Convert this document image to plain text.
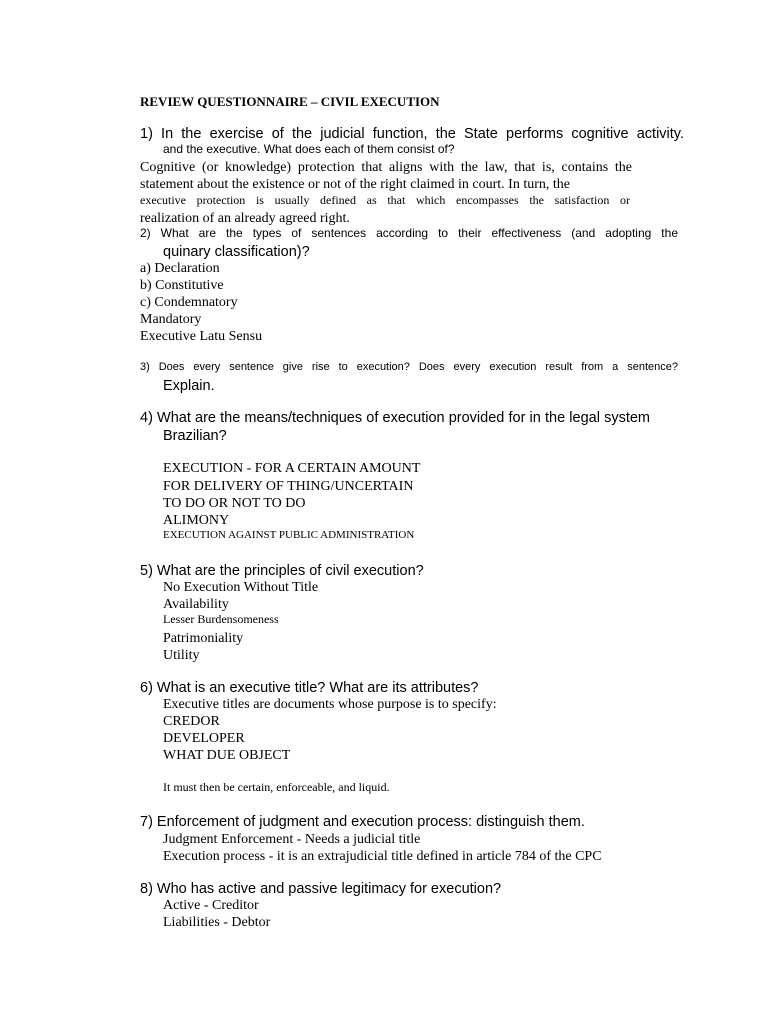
REVIEW QUESTIONNAIRE – CIVIL EXECUTION

1) In the exercise of the judicial function, the State performs cognitive activity.

and the executive. What does each of them consist of?

Cognitive (or knowledge) protection that aligns with the law, that is, contains the

statement about the existence or not of the right claimed in court. In turn, the

executive protection is usually defined as that which encompasses the satisfaction or

realization of an already agreed right.

2) What are the types of sentences according to their effectiveness (and adopting the

quinary classification)?

a) Declaration

b) Constitutive

c) Condemnatory

Mandatory

Executive Latu Sensu

3) Does every sentence give rise to execution? Does every execution result from a sentence?

Explain.

4) What are the means/techniques of execution provided for in the legal system

Brazilian?

EXECUTION - FOR A CERTAIN AMOUNT

FOR DELIVERY OF THING/UNCERTAIN

TO DO OR NOT TO DO

ALIMONY

EXECUTION AGAINST PUBLIC ADMINISTRATION

5) What are the principles of civil execution?

No Execution Without Title

Availability

Lesser Burdensomeness

Patrimoniality

Utility

6) What is an executive title? What are its attributes?

Executive titles are documents whose purpose is to specify:

CREDOR

DEVELOPER

WHAT DUE OBJECT

It must then be certain, enforceable, and liquid.

7) Enforcement of judgment and execution process: distinguish them.

Judgment Enforcement - Needs a judicial title

Execution process - it is an extrajudicial title defined in article 784 of the CPC

8) Who has active and passive legitimacy for execution?

Active - Creditor

Liabilities - Debtor
